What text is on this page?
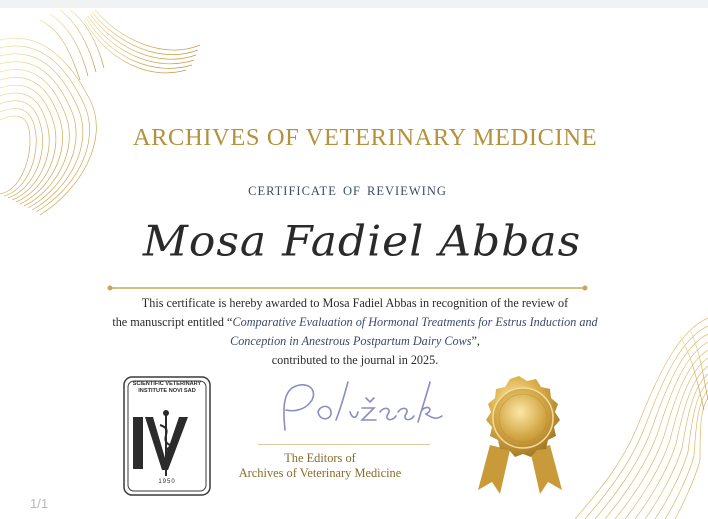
ARCHIVES OF VETERINARY MEDICINE
CERTIFICATE OF REVIEWING
Mosa Fadiel Abbas
This certificate is hereby awarded to Mosa Fadiel Abbas in recognition of the review of
the manuscript entitled “Comparative Evaluation of Hormonal Treatments for Estrus Induction and Conception in Anestrous Postpartum Dairy Cows”,
contributed to the journal in 2025.
SCIENTIFIC VETERINARY INSTITUTE NOVI SAD
1950
The Editors of
Archives of Veterinary Medicine
1/1
